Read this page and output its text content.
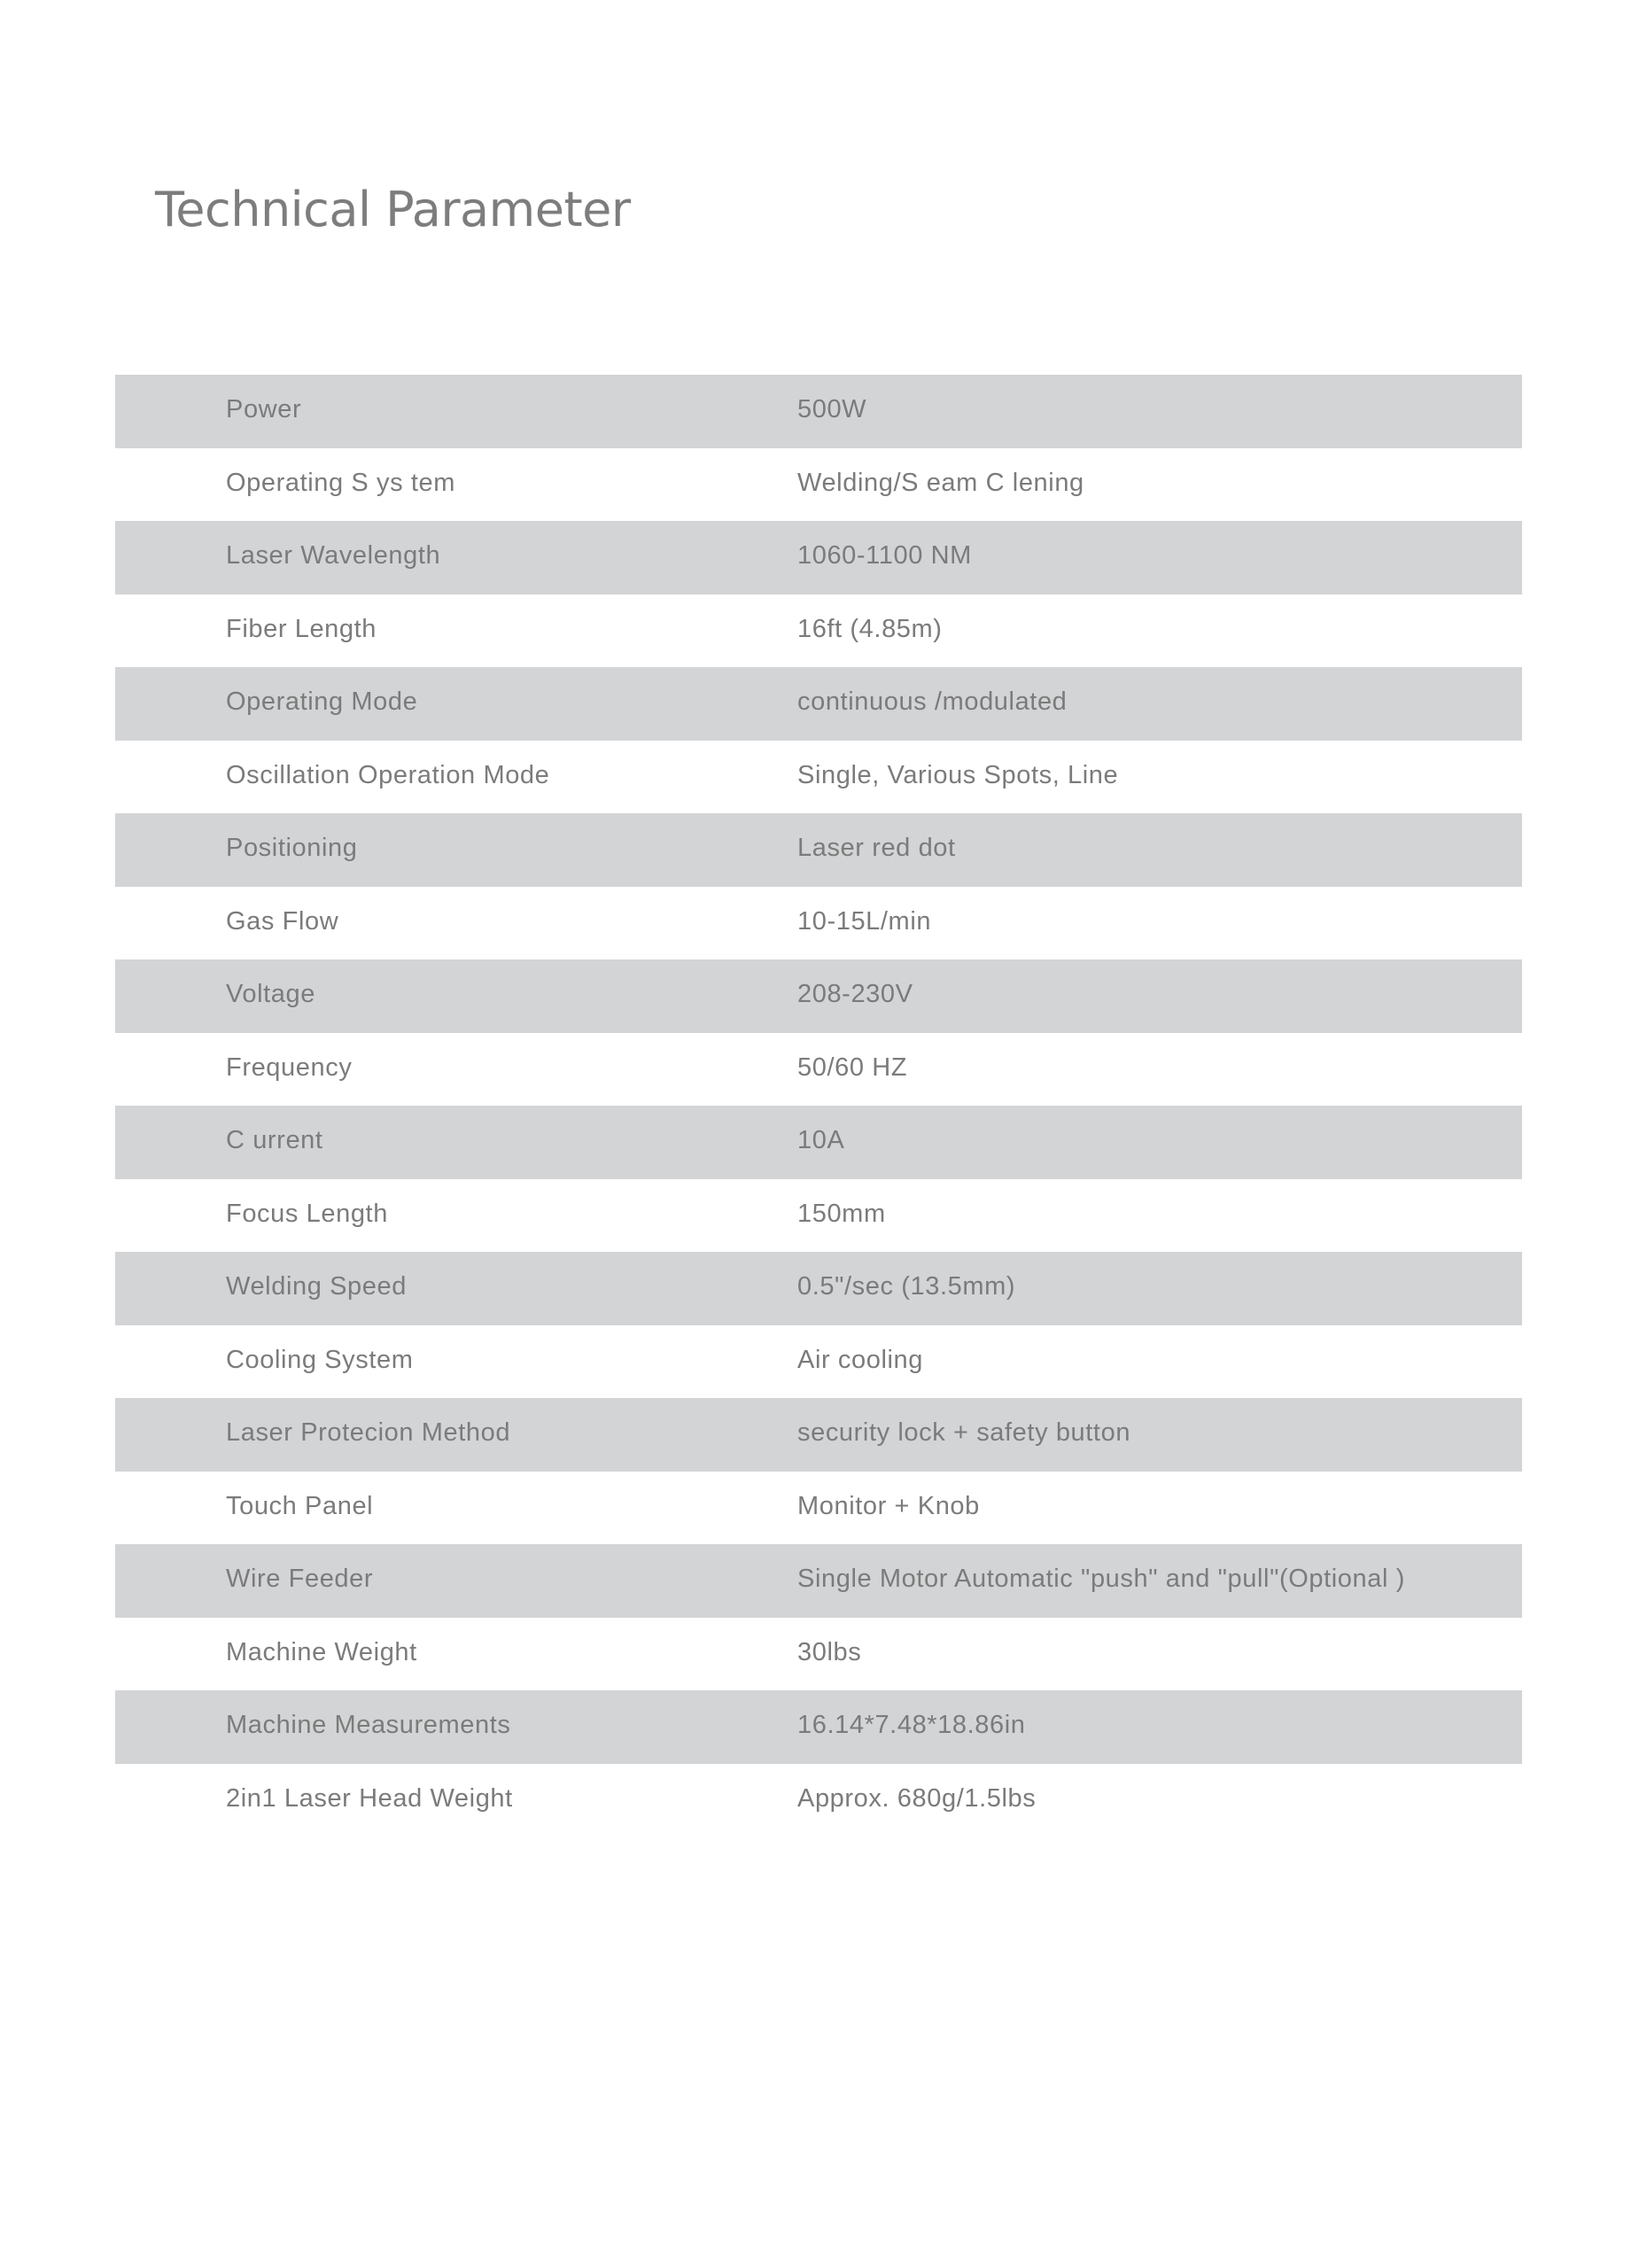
Technical Parameter
Power	500W
Operating S ys tem	Welding/S eam C lening
Laser Wavelength	1060-1100 NM
Fiber Length	16ft (4.85m)
Operating Mode	continuous /modulated
Oscillation Operation Mode	Single, Various Spots, Line
Positioning	Laser red dot
Gas Flow	10-15L/min
Voltage	208-230V
Frequency	50/60 HZ
C urrent	10A
Focus Length	150mm
Welding Speed	0.5"/sec (13.5mm)
Cooling System	Air cooling
Laser Protecion Method	security lock + safety button
Touch Panel	Monitor + Knob
Wire Feeder	Single Motor Automatic "push" and "pull"(Optional )
Machine Weight	30lbs
Machine Measurements	16.14*7.48*18.86in
2in1 Laser Head Weight	Approx. 680g/1.5lbs
